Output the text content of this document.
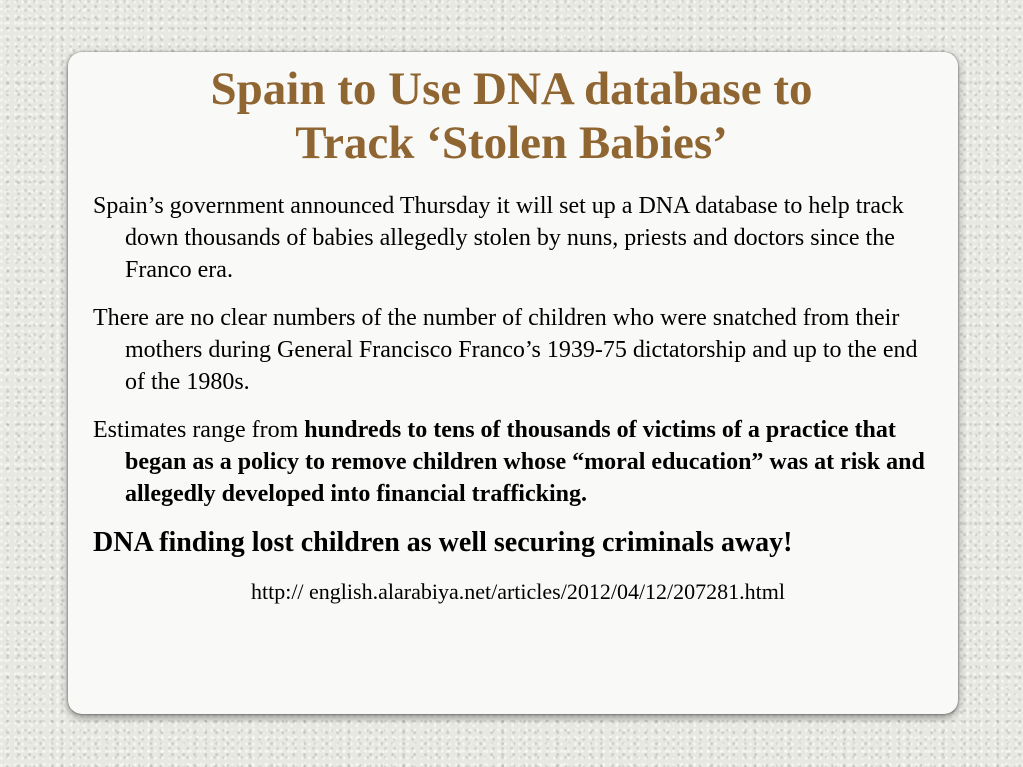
Spain to Use DNA database to
Track ‘Stolen Babies’

Spain’s government announced Thursday it will set up a DNA database to help track down thousands of babies allegedly stolen by nuns, priests and doctors since the Franco era.

There are no clear numbers of the number of children who were snatched from their mothers during General Francisco Franco’s 1939-75 dictatorship and up to the end of the 1980s.

Estimates range from hundreds to tens of thousands of victims of a practice that began as a policy to remove children whose “moral education” was at risk and allegedly developed into financial trafficking.

DNA finding lost children as well securing criminals away!

http:// english.alarabiya.net/articles/2012/04/12/207281.html
